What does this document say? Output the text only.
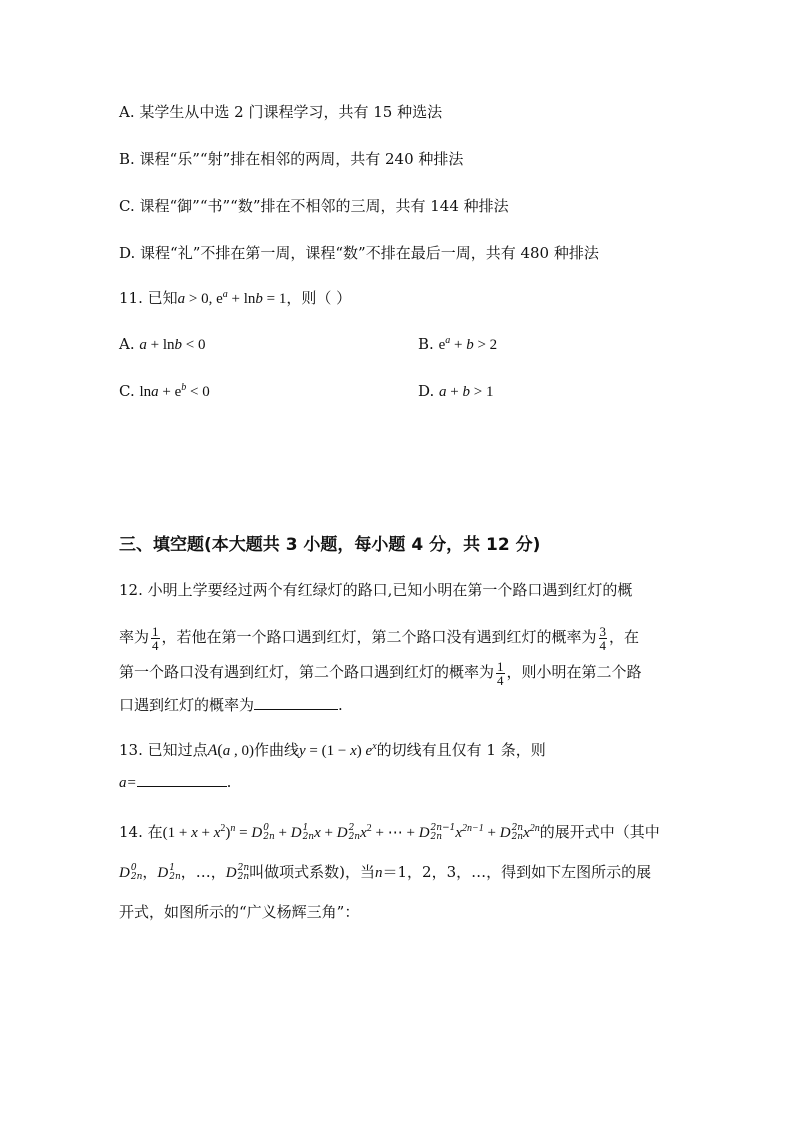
A. 某学生从中选 2 门课程学习，共有 15 种选法
B. 课程“乐”“射”排在相邻的两周，共有 240 种排法
C. 课程“御”“书”“数”排在不相邻的三周，共有 144 种排法
D. 课程“礼”不排在第一周，课程“数”不排在最后一周，共有 480 种排法
11. 已知a > 0, $e^a + \ln b = 1$，则（ ）
A. a + lnb < 0	B. $e^a + b > 2$
C. $\ln a + e^b < 0$	D. a + b > 1
三、填空题(本大题共 3 小题，每小题 4 分，共 12 分)
12. 小明上学要经过两个有红绿灯的路口,已知小明在第一个路口遇到红灯的概
率为 $\frac{1}{4}$ ，若他在第一个路口遇到红灯，第二个路口没有遇到红灯的概率为 $\frac{3}{4}$ ，在
第一个路口没有遇到红灯，第二个路口遇到红灯的概率为 $\frac{1}{4}$ ，则小明在第二个路
口遇到红灯的概率为	.
13. 已知过点A(a , 0)作曲线y = (1 − x) $e^x$的切线有且仅有 1 条，则
a=	.
14. 在$(1 + x + x^2)^n = D$ 0
2n + D 1
2n x + D 2
2n $x^2$ + ⋯ + D 2n−1
2n $x^{2n-1} + D$ 2n
2n $x^{2n}$的展开式中（其中
D 0
2n ，D 1
2n ，…，D 2n
2n 叫做项式系数)，当n＝1，2，3，…，得到如下左图所示的展
开式，如图所示的“广义杨辉三角”：
